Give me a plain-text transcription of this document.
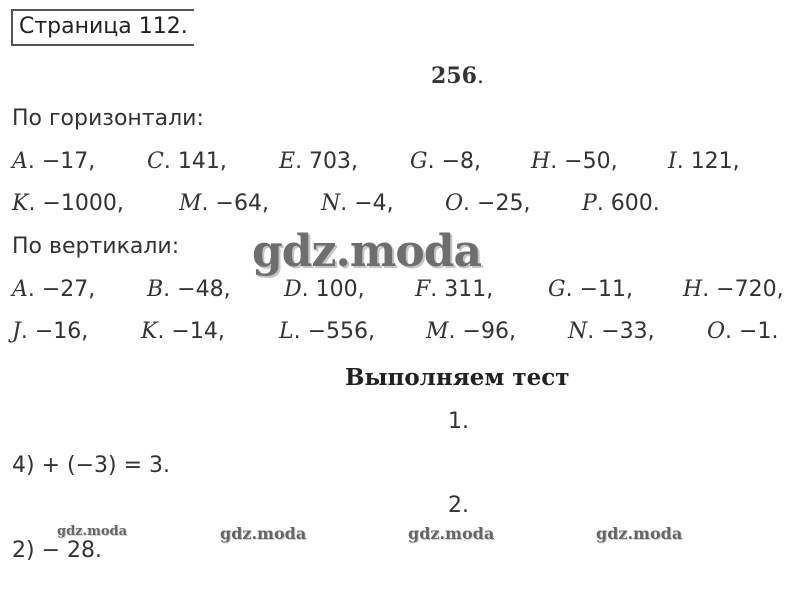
Страница 112.
256.
По горизонтали:
A. −17, C. 141, E. 703, G. −8, H. −50, I. 121,
K. −1000,	M. −64, N. −4, O. −25, P. 600.
По вертикали:
A. −27, B. −48, D. 100, F. 311, G. −11, H. −720,
J. −16, K. −14, L. −556, M. −96, N. −33, O. −1.
gdz.moda
Выполняем тест
1.
4) + (−3) = 3.
2.
gdz.moda	gdz.moda	gdz.moda	gdz.moda
2) − 28.
